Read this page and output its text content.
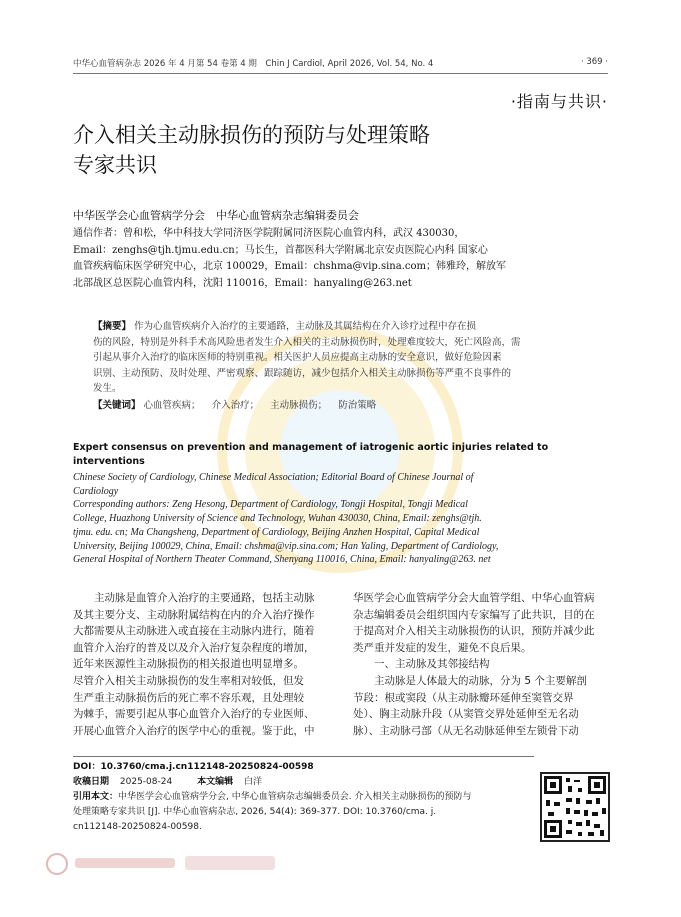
中华心血管病杂志 2026 年 4 月第 54 卷第 4 期　Chin J Cardiol, April 2026, Vol. 54, No. 4	· 369 ·
·指南与共识·
介入相关主动脉损伤的预防与处理策略
专家共识
中华医学会心血管病学分会　中华心血管病杂志编辑委员会
通信作者：曾和松，华中科技大学同济医学院附属同济医院心血管内科，武汉 430030，
Email：zenghs@tjh.tjmu.edu.cn；马长生，首都医科大学附属北京安贞医院心内科 国家心
血管疾病临床医学研究中心，北京 100029，Email：chshma@vip.sina.com；韩雅玲，解放军
北部战区总医院心血管内科，沈阳 110016，Email：hanyaling@263.net
【摘要】 作为心血管疾病介入治疗的主要通路，主动脉及其属结构在介入诊疗过程中存在损
伤的风险，特别是外科手术高风险患者发生介入相关的主动脉损伤时，处理难度较大，死亡风险高，需
引起从事介入治疗的临床医师的特别重视。相关医护人员应提高主动脉的安全意识，做好危险因素
识别、主动预防、及时处理、严密观察、跟踪随访，减少包括介入相关主动脉损伤等严重不良事件的
发生。
【关键词】 心血管疾病； 介入治疗； 主动脉损伤； 防治策略
Expert consensus on prevention and management of iatrogenic aortic injuries related to
interventions
Chinese Society of Cardiology, Chinese Medical Association; Editorial Board of Chinese Journal of
Cardiology
Corresponding authors: Zeng Hesong, Department of Cardiology, Tongji Hospital, Tongji Medical
College, Huazhong University of Science and Technology, Wuhan 430030, China, Email: zenghs@tjh.
tjmu. edu. cn; Ma Changsheng, Department of Cardiology, Beijing Anzhen Hospital, Capital Medical
University, Beijing 100029, China, Email: chshma@vip.sina.com; Han Yaling, Department of Cardiology,
General Hospital of Northern Theater Command, Shenyang 110016, China, Email: hanyaling@263. net
主动脉是血管介入治疗的主要通路，包括主动脉
及其主要分支、主动脉附属结构在内的介入治疗操作
大都需要从主动脉进入或直接在主动脉内进行，随着
血管介入治疗的普及以及介入治疗复杂程度的增加，
近年来医源性主动脉损伤的相关报道也明显增多。
尽管介入相关主动脉损伤的发生率相对较低，但发
生严重主动脉损伤后的死亡率不容乐观，且处理较
为棘手，需要引起从事心血管介入治疗的专业医师、
开展心血管介入治疗的医学中心的重视。鉴于此，中
华医学会心血管病学分会大血管学组、中华心血管病
杂志编辑委员会组织国内专家编写了此共识，目的在
于提高对介入相关主动脉损伤的认识，预防并减少此
类严重并发症的发生，避免不良后果。
一、主动脉及其邻接结构
主动脉是人体最大的动脉，分为 5 个主要解剖
节段：根或窦段（从主动脉瓣环延伸至窦管交界
处）、胸主动脉升段（从窦管交界处延伸至无名动
脉）、主动脉弓部（从无名动脉延伸至左锁骨下动
DOI：10.3760/cma.j.cn112148-20250824-00598
收稿日期 2025-08-24	本文编辑 白洋
引用本文：中华医学会心血管病学分会, 中华心血管病杂志编辑委员会. 介入相关主动脉损伤的预防与
处理策略专家共识 [J]. 中华心血管病杂志, 2026, 54(4): 369-377. DOI: 10.3760/cma. j.
cn112148-20250824-00598.
